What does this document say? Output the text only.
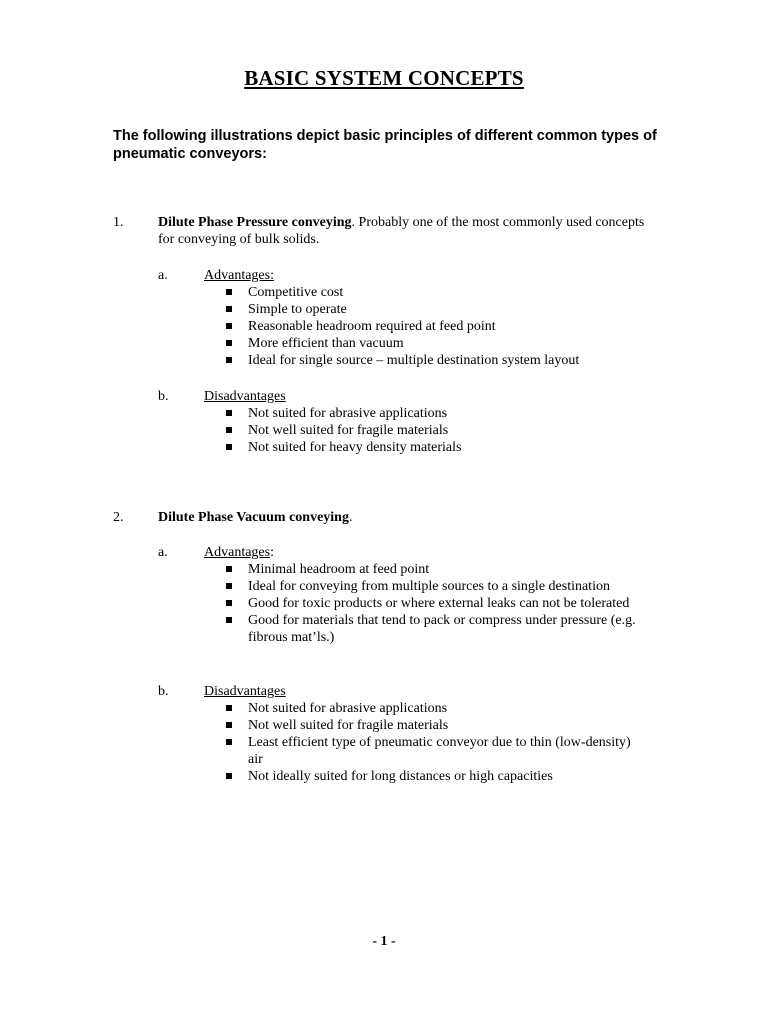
BASIC SYSTEM CONCEPTS
The following illustrations depict basic principles of different common types of pneumatic conveyors:
1. Dilute Phase Pressure conveying. Probably one of the most commonly used concepts for conveying of bulk solids.
a.	Advantages:
Competitive cost
Simple to operate
Reasonable headroom required at feed point
More efficient than vacuum
Ideal for single source – multiple destination system layout
b.	Disadvantages
Not suited for abrasive applications
Not well suited for fragile materials
Not suited for heavy density materials
2. Dilute Phase Vacuum conveying.
a.	Advantages:
Minimal headroom at feed point
Ideal for conveying from multiple sources to a single destination
Good for toxic products or where external leaks can not be tolerated
Good for materials that tend to pack or compress under pressure (e.g. fibrous mat’ls.)
b.	Disadvantages
Not suited for abrasive applications
Not well suited for fragile materials
Least efficient type of pneumatic conveyor due to thin (low-density) air
Not ideally suited for long distances or high capacities
- 1 -
